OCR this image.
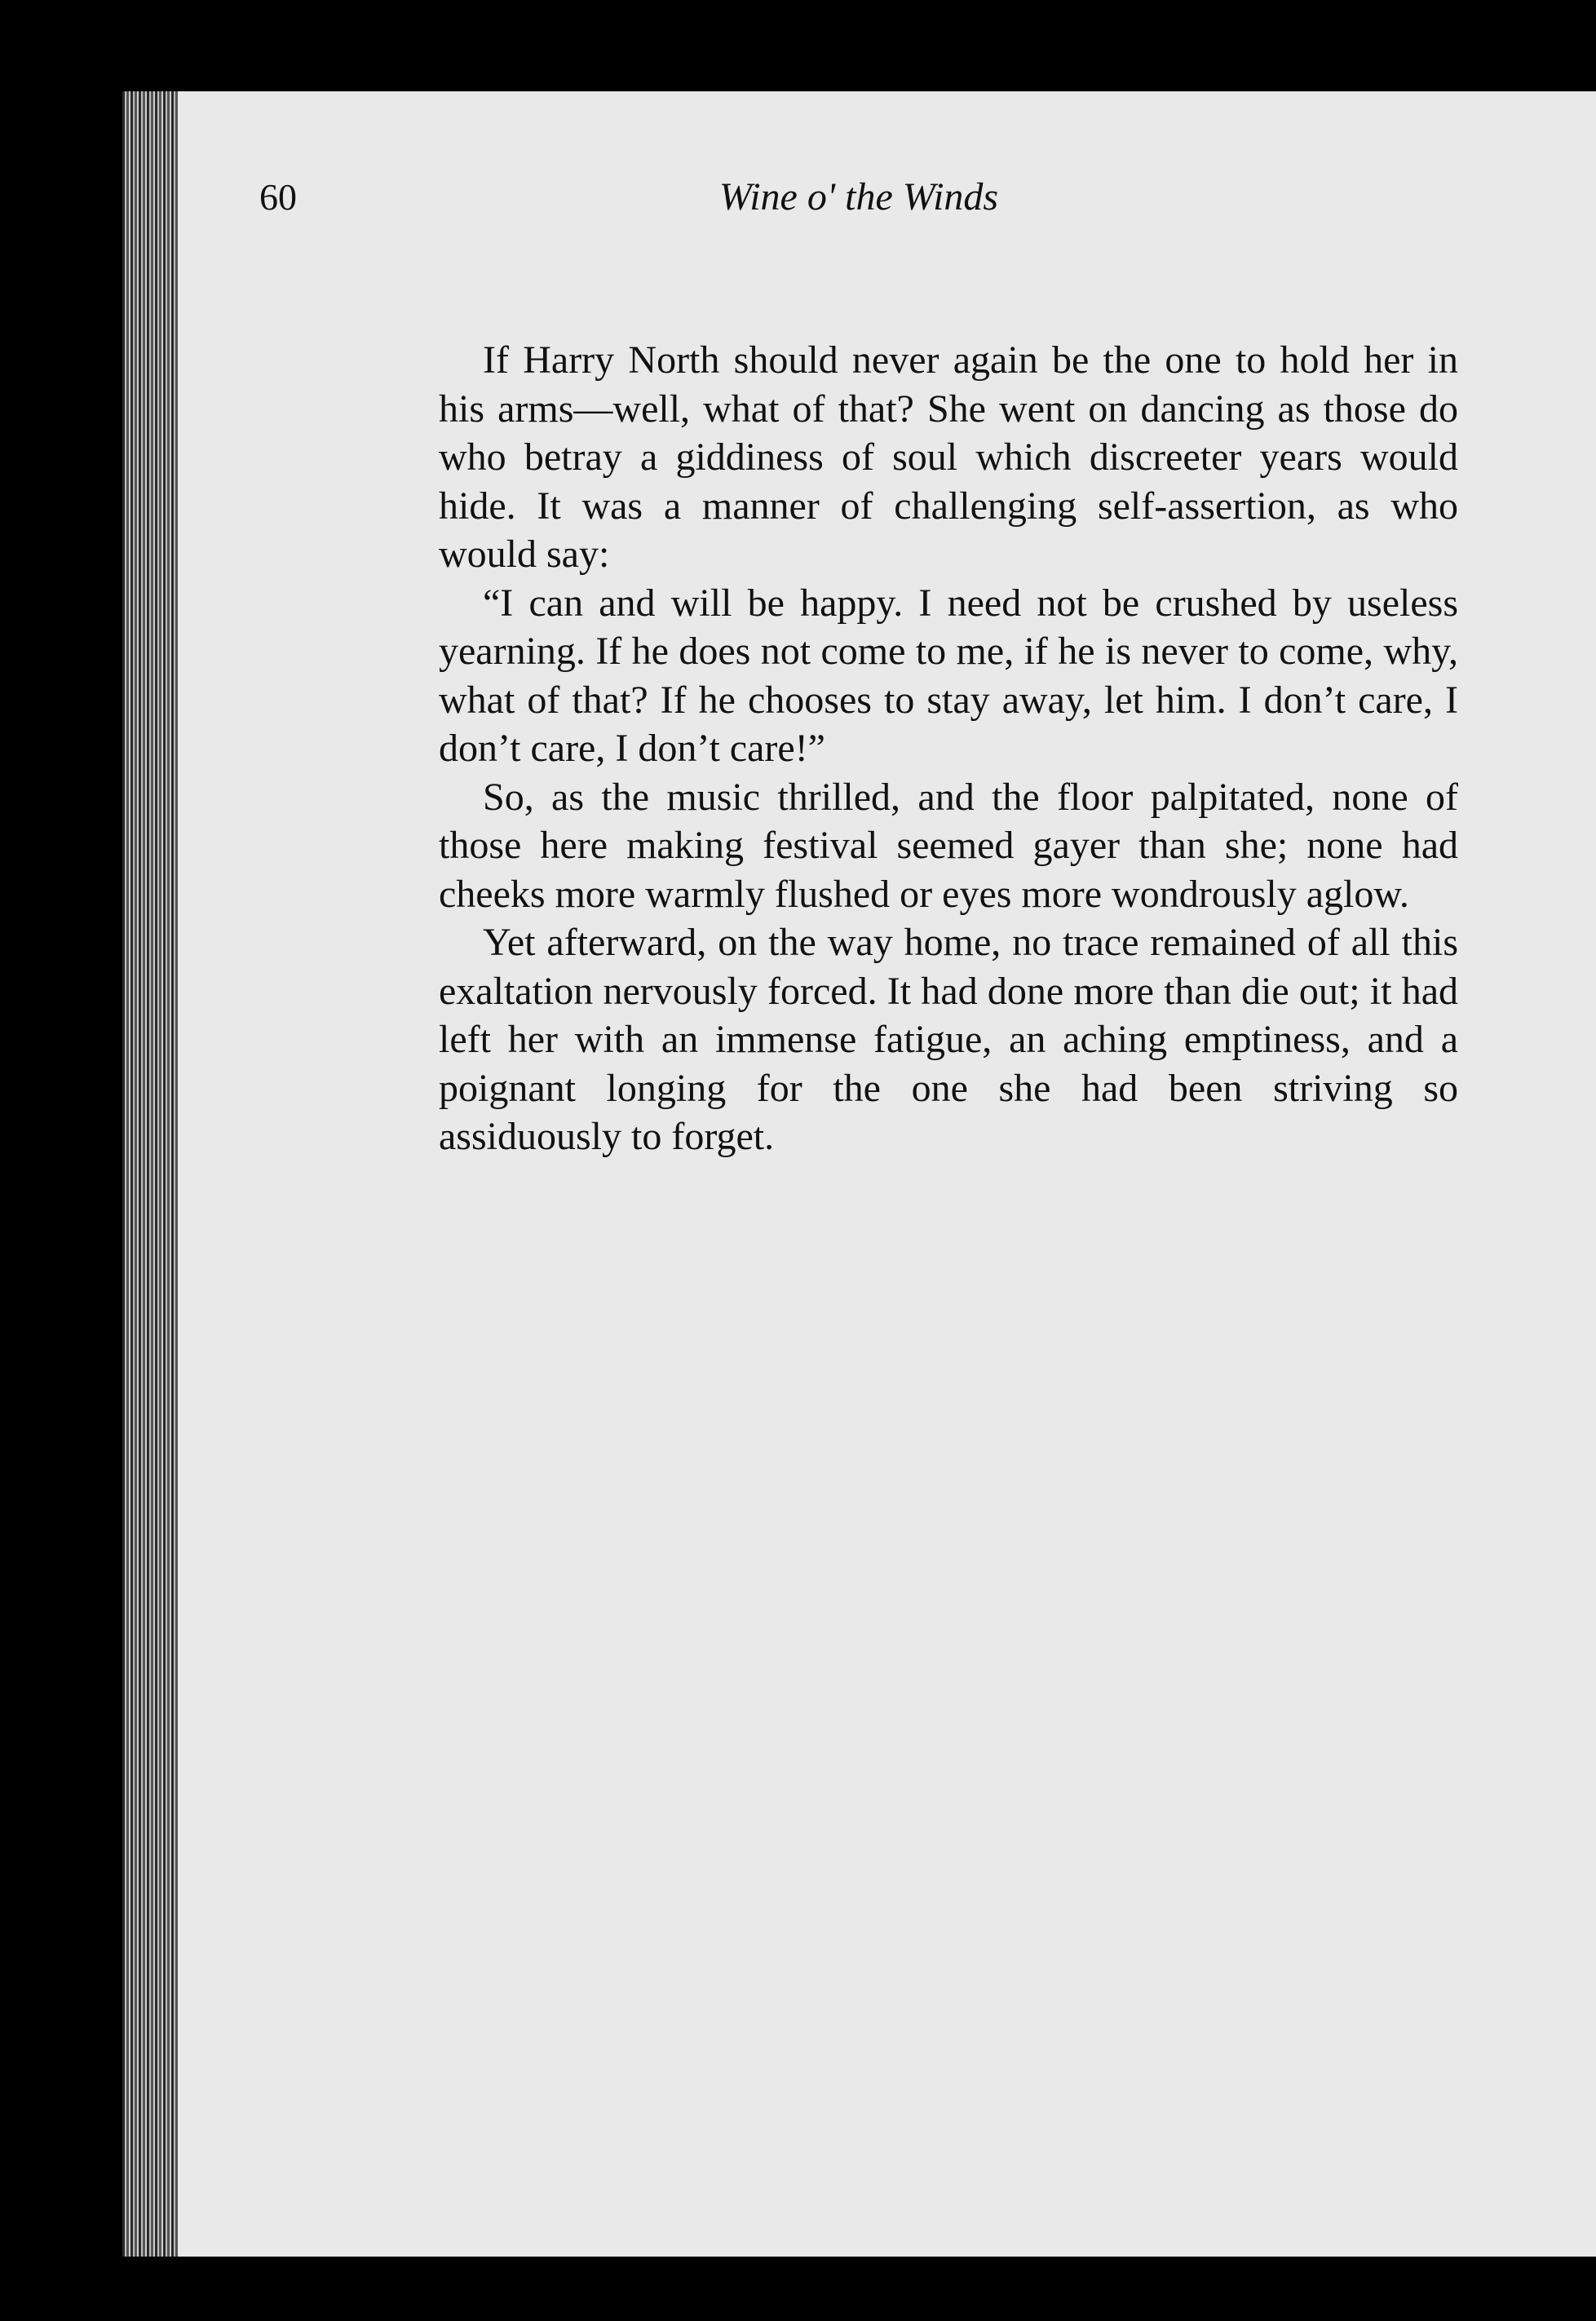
60	Wine o' the Winds

If Harry North should never again be the one to hold her in his arms—well, what of that? She went on dancing as those do who betray a giddiness of soul which discreeter years would hide. It was a manner of challenging self-assertion, as who would say:

“I can and will be happy. I need not be crushed by useless yearning. If he does not come to me, if he is never to come, why, what of that? If he chooses to stay away, let him. I don’t care, I don’t care, I don’t care!”

So, as the music thrilled, and the floor palpitated, none of those here making festival seemed gayer than she; none had cheeks more warmly flushed or eyes more wondrously aglow.

Yet afterward, on the way home, no trace remained of all this exaltation nervously forced. It had done more than die out; it had left her with an immense fatigue, an aching emptiness, and a poignant longing for the one she had been striving so assiduously to forget.
